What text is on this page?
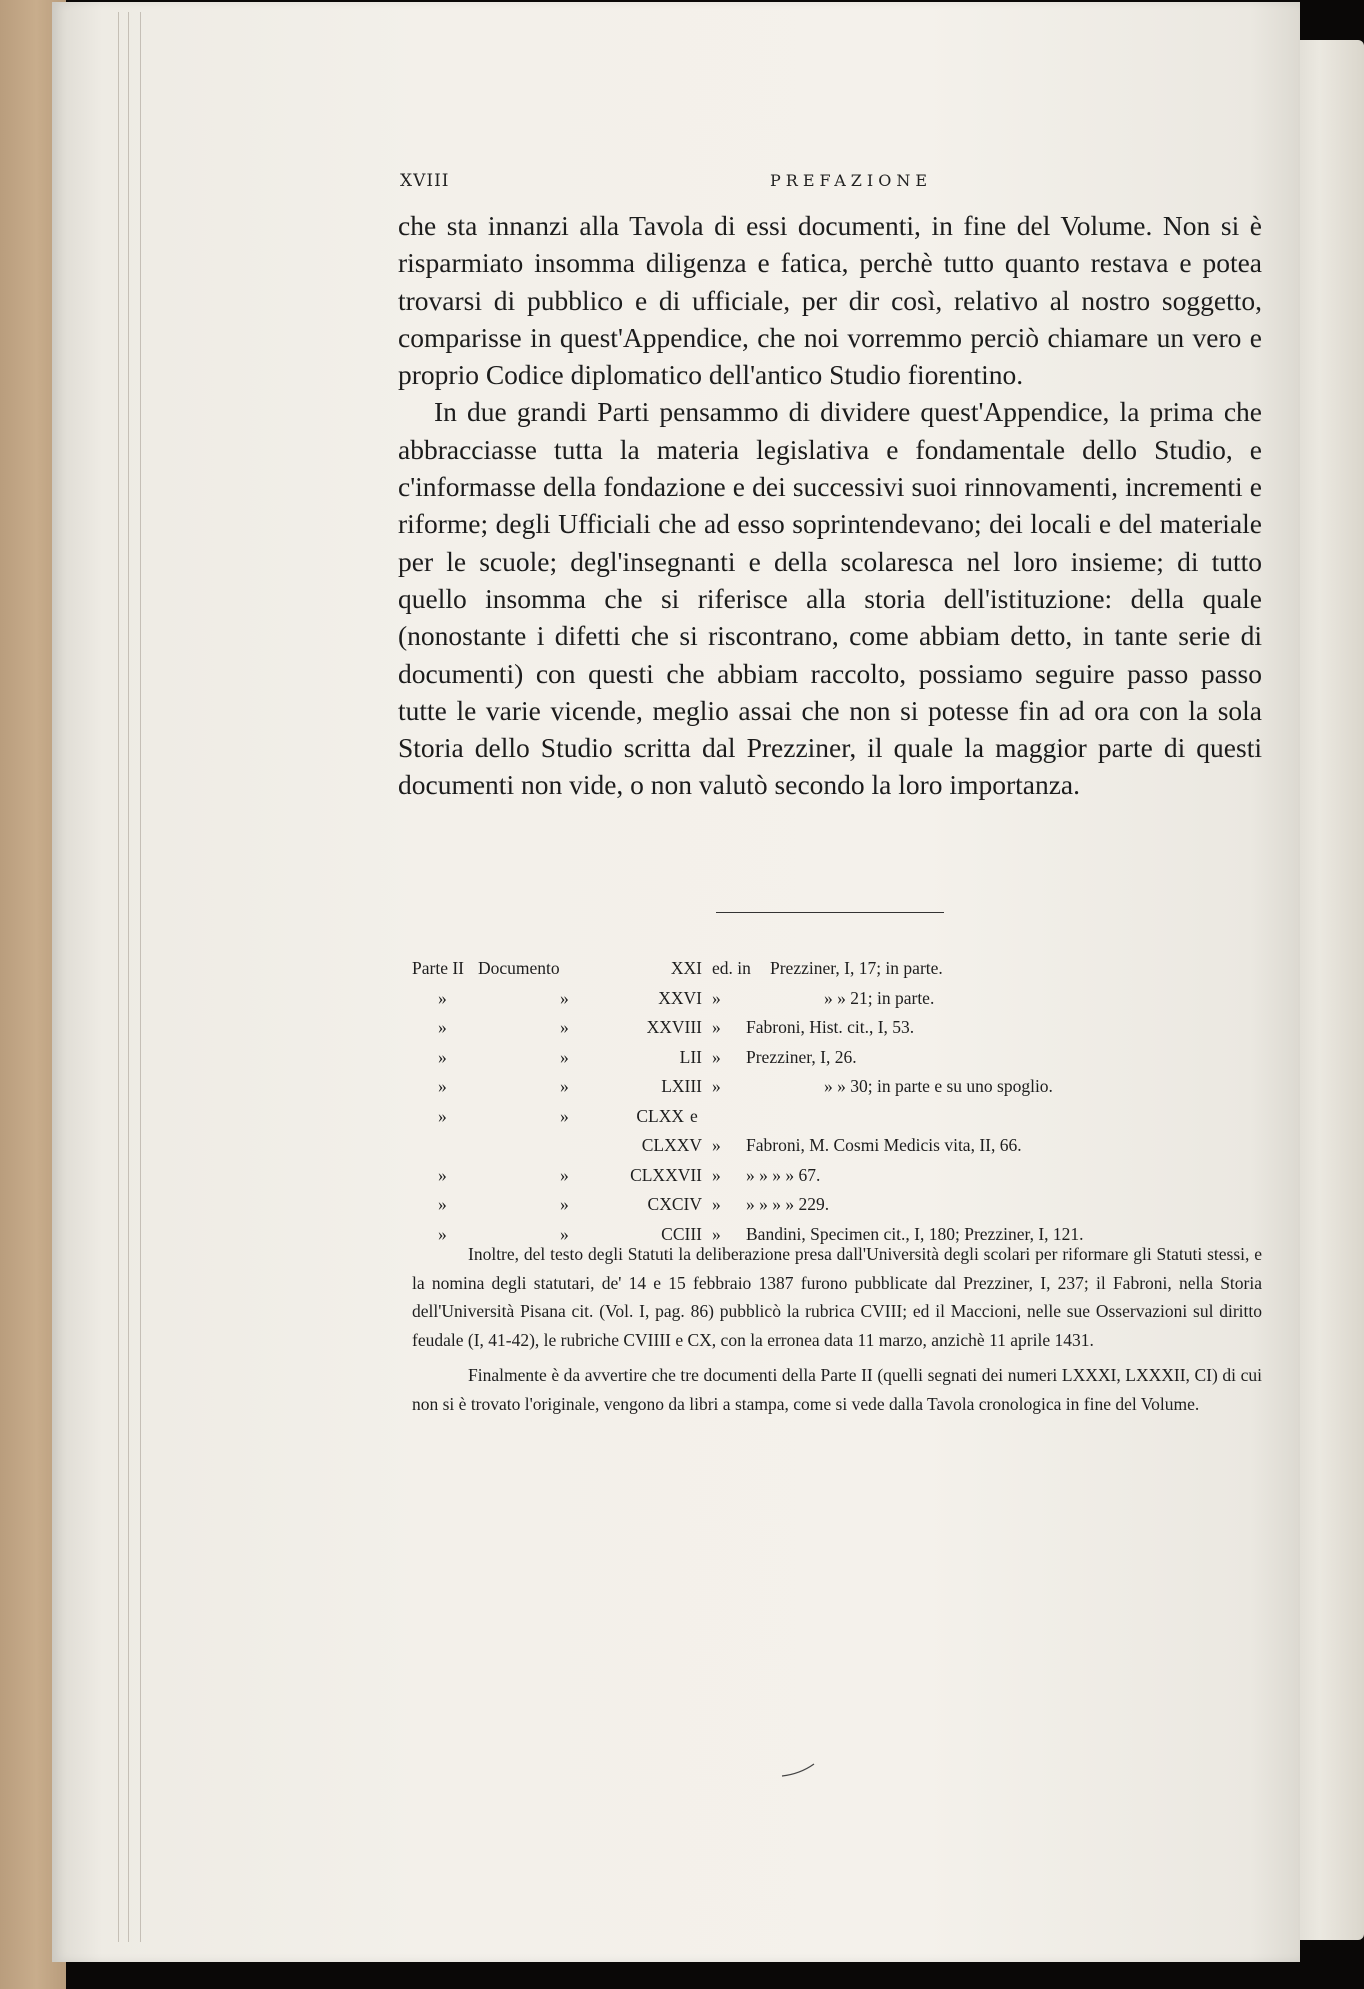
XVIII	PREFAZIONE

che sta innanzi alla Tavola di essi documenti, in fine del Volume. Non si è risparmiato insomma diligenza e fatica, perchè tutto quanto restava e potea trovarsi di pubblico e di ufficiale, per dir così, relativo al nostro soggetto, comparisse in quest'Appendice, che noi vorremmo perciò chiamare un vero e proprio Codice diplomatico dell'antico Studio fiorentino.

In due grandi Parti pensammo di dividere quest'Appendice, la prima che abbracciasse tutta la materia legislativa e fondamentale dello Studio, e c'informasse della fondazione e dei successivi suoi rinnovamenti, incrementi e riforme; degli Ufficiali che ad esso soprintendevano; dei locali e del materiale per le scuole; degl'insegnanti e della scolaresca nel loro insieme; di tutto quello insomma che si riferisce alla storia dell'istituzione: della quale (nonostante i difetti che si riscontrano, come abbiam detto, in tante serie di documenti) con questi che abbiam raccolto, possiamo seguire passo passo tutte le varie vicende, meglio assai che non si potesse fin ad ora con la sola Storia dello Studio scritta dal Prezziner, il quale la maggior parte di questi documenti non vide, o non valutò secondo la loro importanza.

Parte II Documento	XXI ed. in Prezziner, I, 17; in parte.
»	»	XXVI »	» » 21; in parte.
»	»	XXVIII » Fabroni, Hist. cit., I, 53.
»	»	LII » Prezziner, I, 26.
»	»	LXIII »	» » 30; in parte e su uno spoglio.
»	»	CLXX e
CLXXV » Fabroni, M. Cosmi Medicis vita, II, 66.
»	»	CLXXVII » » » » » 67.
»	»	CXCIV » » » » » 229.
»	»	CCIII » Bandini, Specimen cit., I, 180; Prezziner, I, 121.

Inoltre, del testo degli Statuti la deliberazione presa dall'Università degli scolari per riformare gli Statuti stessi, e la nomina degli statutari, de' 14 e 15 febbraio 1387 furono pubblicate dal Prezziner, I, 237; il Fabroni, nella Storia dell'Università Pisana cit. (Vol. I, pag. 86) pubblicò la rubrica CVIII; ed il Maccioni, nelle sue Osservazioni sul diritto feudale (I, 41-42), le rubriche CVIIII e CX, con la erronea data 11 marzo, anzichè 11 aprile 1431.

Finalmente è da avvertire che tre documenti della Parte II (quelli segnati dei numeri LXXXI, LXXXII, CI) di cui non si è trovato l'originale, vengono da libri a stampa, come si vede dalla Tavola cronologica in fine del Volume.
